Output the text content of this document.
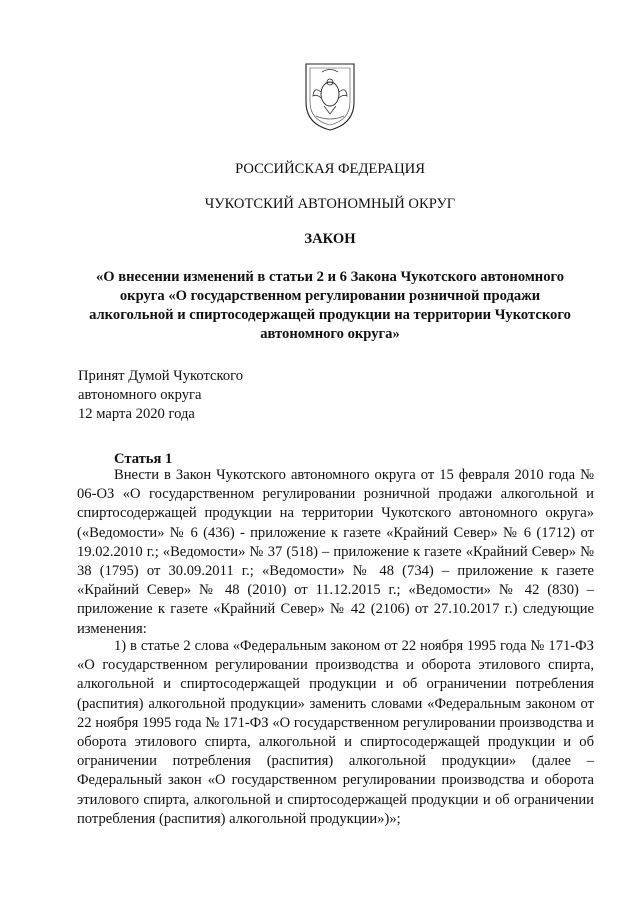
РОССИЙСКАЯ ФЕДЕРАЦИЯ
ЧУКОТСКИЙ АВТОНОМНЫЙ ОКРУГ
ЗАКОН
«О внесении изменений в статьи 2 и 6 Закона Чукотского автономного округа «О государственном регулировании розничной продажи алкогольной и спиртосодержащей продукции на территории Чукотского автономного округа»
Принят Думой Чукотского
автономного округа
12 марта 2020 года
Статья 1
Внести в Закон Чукотского автономного округа от 15 февраля 2010 года № 06-ОЗ «О государственном регулировании розничной продажи алкогольной и спиртосодержащей продукции на территории Чукотского автономного округа» («Ведомости» № 6 (436) - приложение к газете «Крайний Север» № 6 (1712) от 19.02.2010 г.; «Ведомости» № 37 (518) – приложение к газете «Крайний Север» № 38 (1795) от 30.09.2011 г.; «Ведомости» № 48 (734) – приложение к газете «Крайний Север» № 48 (2010) от 11.12.2015 г.; «Ведомости» № 42 (830) – приложение к газете «Крайний Север» № 42 (2106) от 27.10.2017 г.) следующие изменения:
1) в статье 2 слова «Федеральным законом от 22 ноября 1995 года № 171-ФЗ «О государственном регулировании производства и оборота этилового спирта, алкогольной и спиртосодержащей продукции и об ограничении потребления (распития) алкогольной продукции» заменить словами «Федеральным законом от 22 ноября 1995 года № 171-ФЗ «О государственном регулировании производства и оборота этилового спирта, алкогольной и спиртосодержащей продукции и об ограничении потребления (распития) алкогольной продукции» (далее – Федеральный закон «О государственном регулировании производства и оборота этилового спирта, алкогольной и спиртосодержащей продукции и об ограничении потребления (распития) алкогольной продукции»)»;
